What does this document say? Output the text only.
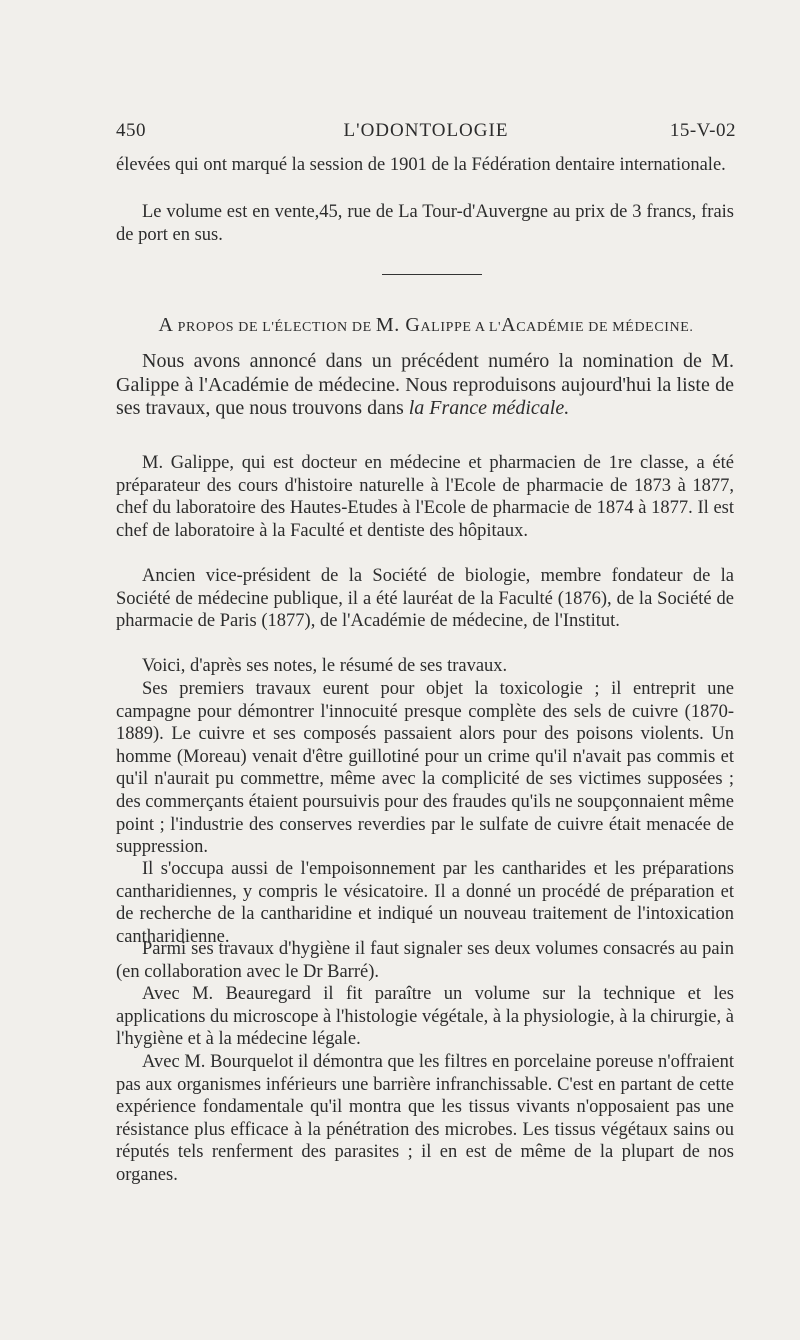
450	L'ODONTOLOGIE	15-V-02

élevées qui ont marqué la session de 1901 de la Fédération dentaire internationale.

Le volume est en vente,45, rue de La Tour-d'Auvergne au prix de 3 francs, frais de port en sus.

A PROPOS DE L'ÉLECTION DE M. GALIPPE A L'ACADÉMIE DE MÉDECINE.

Nous avons annoncé dans un précédent numéro la nomination de M. Galippe à l'Académie de médecine. Nous reproduisons aujourd'hui la liste de ses travaux, que nous trouvons dans la France médicale.

M. Galippe, qui est docteur en médecine et pharmacien de 1re classe, a été préparateur des cours d'histoire naturelle à l'Ecole de pharmacie de 1873 à 1877, chef du laboratoire des Hautes-Etudes à l'Ecole de pharmacie de 1874 à 1877. Il est chef de laboratoire à la Faculté et dentiste des hôpitaux.

Ancien vice-président de la Société de biologie, membre fondateur de la Société de médecine publique, il a été lauréat de la Faculté (1876), de la Société de pharmacie de Paris (1877), de l'Académie de médecine, de l'Institut.

Voici, d'après ses notes, le résumé de ses travaux.

Ses premiers travaux eurent pour objet la toxicologie ; il entreprit une campagne pour démontrer l'innocuité presque complète des sels de cuivre (1870-1889). Le cuivre et ses composés passaient alors pour des poisons violents. Un homme (Moreau) venait d'être guillotiné pour un crime qu'il n'avait pas commis et qu'il n'aurait pu commettre, même avec la complicité de ses victimes supposées ; des commerçants étaient poursuivis pour des fraudes qu'ils ne soupçonnaient même point ; l'industrie des conserves reverdies par le sulfate de cuivre était menacée de suppression.

Il s'occupa aussi de l'empoisonnement par les cantharides et les préparations cantharidiennes, y compris le vésicatoire. Il a donné un procédé de préparation et de recherche de la cantharidine et indiqué un nouveau traitement de l'intoxication cantharidienne.

Parmi ses travaux d'hygiène il faut signaler ses deux volumes consacrés au pain (en collaboration avec le Dr Barré).

Avec M. Beauregard il fit paraître un volume sur la technique et les applications du microscope à l'histologie végétale, à la physiologie, à la chirurgie, à l'hygiène et à la médecine légale.

Avec M. Bourquelot il démontra que les filtres en porcelaine poreuse n'offraient pas aux organismes inférieurs une barrière infranchissable. C'est en partant de cette expérience fondamentale qu'il montra que les tissus vivants n'opposaient pas une résistance plus efficace à la pénétration des microbes. Les tissus végétaux sains ou réputés tels renferment des parasites ; il en est de même de la plupart de nos organes.
